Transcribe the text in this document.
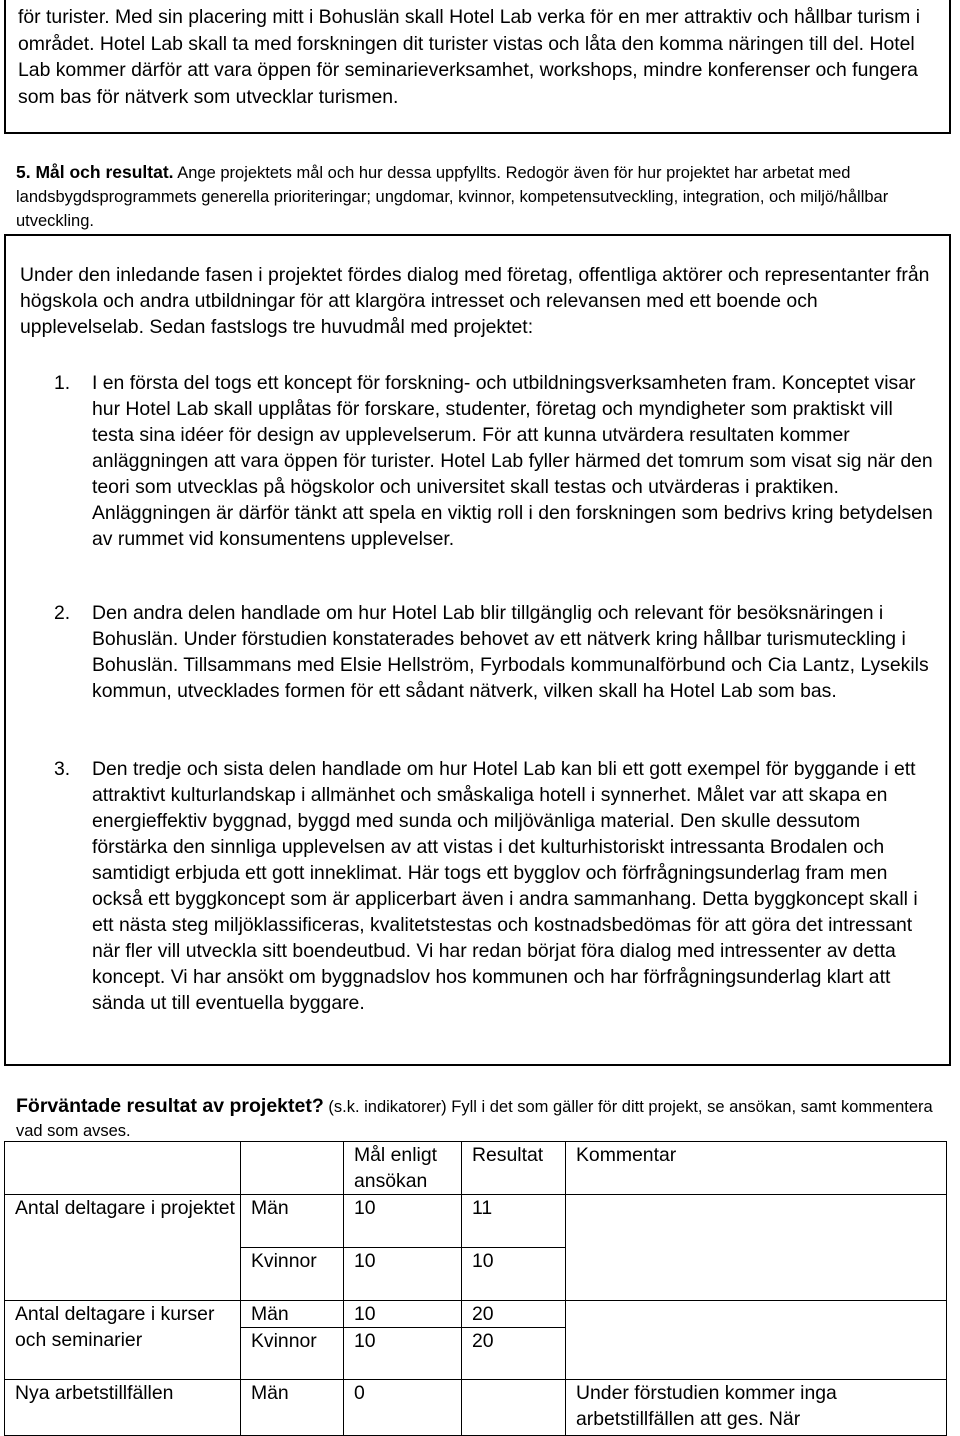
för turister. Med sin placering mitt i Bohuslän skall Hotel Lab verka för en mer attraktiv och hållbar turism i området. Hotel Lab skall ta med forskningen dit turister vistas och låta den komma näringen till del. Hotel Lab kommer därför att vara öppen för seminarieverksamhet, workshops, mindre konferenser och fungera som bas för nätverk som utvecklar turismen.

5. Mål och resultat. Ange projektets mål och hur dessa uppfyllts. Redogör även för hur projektet har arbetat med landsbygdsprogrammets generella prioriteringar; ungdomar, kvinnor, kompetensutveckling, integration, och miljö/hållbar utveckling.

Under den inledande fasen i projektet fördes dialog med företag, offentliga aktörer och representanter från högskola och andra utbildningar för att klargöra intresset och relevansen med ett boende och upplevelselab. Sedan fastslogs tre huvudmål med projektet:

1.	I en första del togs ett koncept för forskning- och utbildningsverksamheten fram. Konceptet visar hur Hotel Lab skall upplåtas för forskare, studenter, företag och myndigheter som praktiskt vill testa sina idéer för design av upplevelserum. För att kunna utvärdera resultaten kommer anläggningen att vara öppen för turister. Hotel Lab fyller härmed det tomrum som visat sig när den teori som utvecklas på högskolor och universitet skall testas och utvärderas i praktiken. Anläggningen är därför tänkt att spela en viktig roll i den forskningen som bedrivs kring betydelsen av rummet vid konsumentens upplevelser.

2.	Den andra delen handlade om hur Hotel Lab blir tillgänglig och relevant för besöksnäringen i Bohuslän. Under förstudien konstaterades behovet av ett nätverk kring hållbar turismuteckling i Bohuslän. Tillsammans med Elsie Hellström, Fyrbodals kommunalförbund och Cia Lantz, Lysekils kommun, utvecklades formen för ett sådant nätverk, vilken skall ha Hotel Lab som bas.

3.	Den tredje och sista delen handlade om hur Hotel Lab kan bli ett gott exempel för byggande i ett attraktivt kulturlandskap i allmänhet och småskaliga hotell i synnerhet. Målet var att skapa en energieffektiv byggnad, byggd med sunda och miljövänliga material. Den skulle dessutom förstärka den sinnliga upplevelsen av att vistas i det kulturhistoriskt intressanta Brodalen och samtidigt erbjuda ett gott inneklimat. Här togs ett bygglov och förfrågningsunderlag fram men också ett byggkoncept som är applicerbart även i andra sammanhang. Detta byggkoncept skall i ett nästa steg miljöklassificeras, kvalitetstestas och kostnadsbedömas för att göra det intressant när fler vill utveckla sitt boendeutbud. Vi har redan börjat föra dialog med intressenter av detta koncept. Vi har ansökt om byggnadslov hos kommunen och har förfrågningsunderlag klart att sända ut till eventuella byggare.

Förväntade resultat av projektet? (s.k. indikatorer) Fyll i det som gäller för ditt projekt, se ansökan, samt kommentera vad som avses.

		Mål enligt ansökan	Resultat	Kommentar
Antal deltagare i projektet	Män	10	11	
	Kvinnor	10	10	
Antal deltagare i kurser och seminarier	Män	10	20	
	Kvinnor	10	20	
Nya arbetstillfällen	Män	0		Under förstudien kommer inga arbetstillfällen att ges. När
